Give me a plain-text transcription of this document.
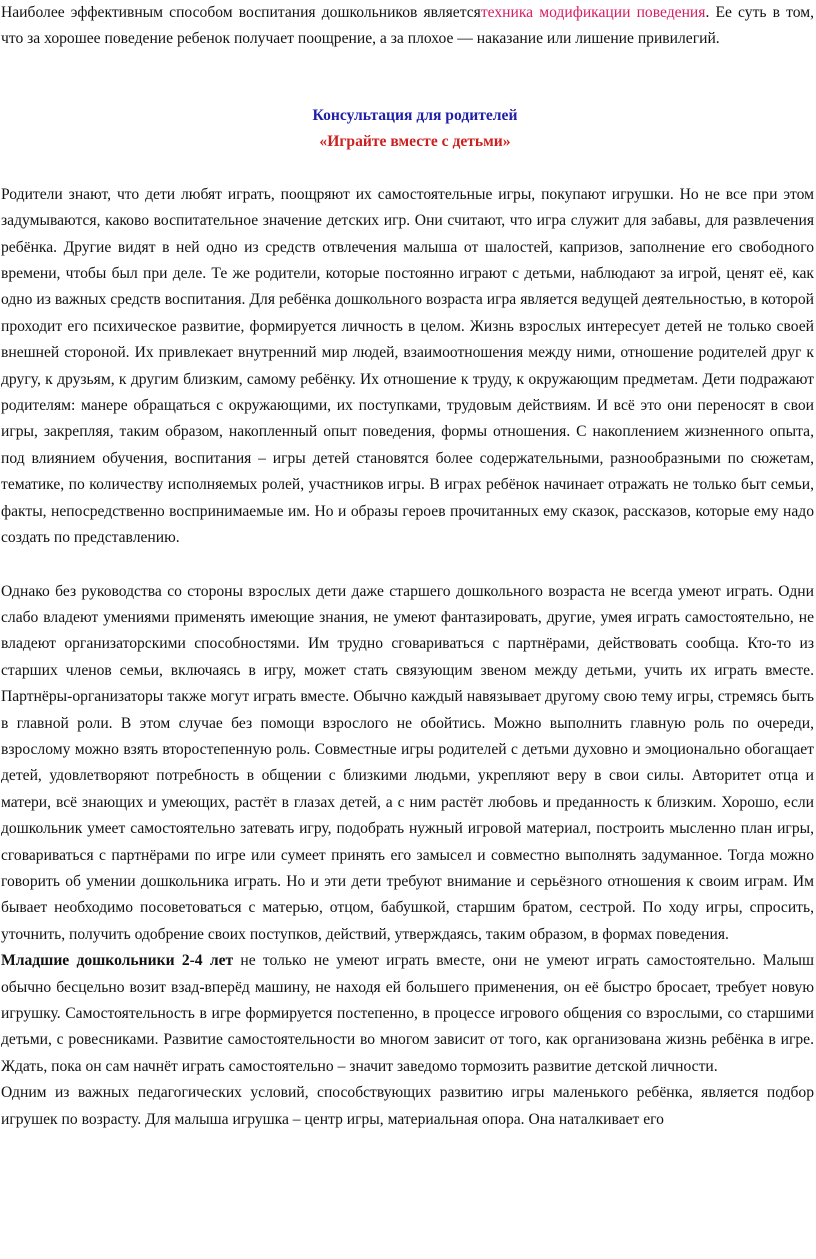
Наиболее эффективным способом воспитания дошкольников являетсятехника модификации поведения. Ее суть в том, что за хорошее поведение ребенок получает поощрение, а за плохое — наказание или лишение привилегий.

Консультация для родителей
«Играйте вместе с детьми»

Родители знают, что дети любят играть, поощряют их самостоятельные игры, покупают игрушки. Но не все при этом задумываются, каково воспитательное значение детских игр. Они считают, что игра служит для забавы, для развлечения ребёнка. Другие видят в ней одно из средств отвлечения малыша от шалостей, капризов, заполнение его свободного времени, чтобы был при деле. Те же родители, которые постоянно играют с детьми, наблюдают за игрой, ценят её, как одно из важных средств воспитания. Для ребёнка дошкольного возраста игра является ведущей деятельностью, в которой проходит его психическое развитие, формируется личность в целом. Жизнь взрослых интересует детей не только своей внешней стороной. Их привлекает внутренний мир людей, взаимоотношения между ними, отношение родителей друг к другу, к друзьям, к другим близким, самому ребёнку. Их отношение к труду, к окружающим предметам. Дети подражают родителям: манере обращаться с окружающими, их поступками, трудовым действиям. И всё это они переносят в свои игры, закрепляя, таким образом, накопленный опыт поведения, формы отношения. С накоплением жизненного опыта, под влиянием обучения, воспитания – игры детей становятся более содержательными, разнообразными по сюжетам, тематике, по количеству исполняемых ролей, участников игры. В играх ребёнок начинает отражать не только быт семьи, факты, непосредственно воспринимаемые им. Но и образы героев прочитанных ему сказок, рассказов, которые ему надо создать по представлению.

Однако без руководства со стороны взрослых дети даже старшего дошкольного возраста не всегда умеют играть. Одни слабо владеют умениями применять имеющие знания, не умеют фантазировать, другие, умея играть самостоятельно, не владеют организаторскими способностями. Им трудно сговариваться с партнёрами, действовать сообща. Кто-то из старших членов семьи, включаясь в игру, может стать связующим звеном между детьми, учить их играть вместе. Партнёры-организаторы также могут играть вместе. Обычно каждый навязывает другому свою тему игры, стремясь быть в главной роли. В этом случае без помощи взрослого не обойтись. Можно выполнить главную роль по очереди, взрослому можно взять второстепенную роль. Совместные игры родителей с детьми духовно и эмоционально обогащает детей, удовлетворяют потребность в общении с близкими людьми, укрепляют веру в свои силы. Авторитет отца и матери, всё знающих и умеющих, растёт в глазах детей, а с ним растёт любовь и преданность к близким. Хорошо, если дошкольник умеет самостоятельно затевать игру, подобрать нужный игровой материал, построить мысленно план игры, сговариваться с партнёрами по игре или сумеет принять его замысел и совместно выполнять задуманное. Тогда можно говорить об умении дошкольника играть. Но и эти дети требуют внимание и серьёзного отношения к своим играм. Им бывает необходимо посоветоваться с матерью, отцом, бабушкой, старшим братом, сестрой. По ходу игры, спросить, уточнить, получить одобрение своих поступков, действий, утверждаясь, таким образом, в формах поведения.

Младшие дошкольники 2-4 лет не только не умеют играть вместе, они не умеют играть самостоятельно. Малыш обычно бесцельно возит взад-вперёд машину, не находя ей большего применения, он её быстро бросает, требует новую игрушку. Самостоятельность в игре формируется постепенно, в процессе игрового общения со взрослыми, со старшими детьми, с ровесниками. Развитие самостоятельности во многом зависит от того, как организована жизнь ребёнка в игре. Ждать, пока он сам начнёт играть самостоятельно – значит заведомо тормозить развитие детской личности.

Одним из важных педагогических условий, способствующих развитию игры маленького ребёнка, является подбор игрушек по возрасту. Для малыша игрушка – центр игры, материальная опора. Она наталкивает его
